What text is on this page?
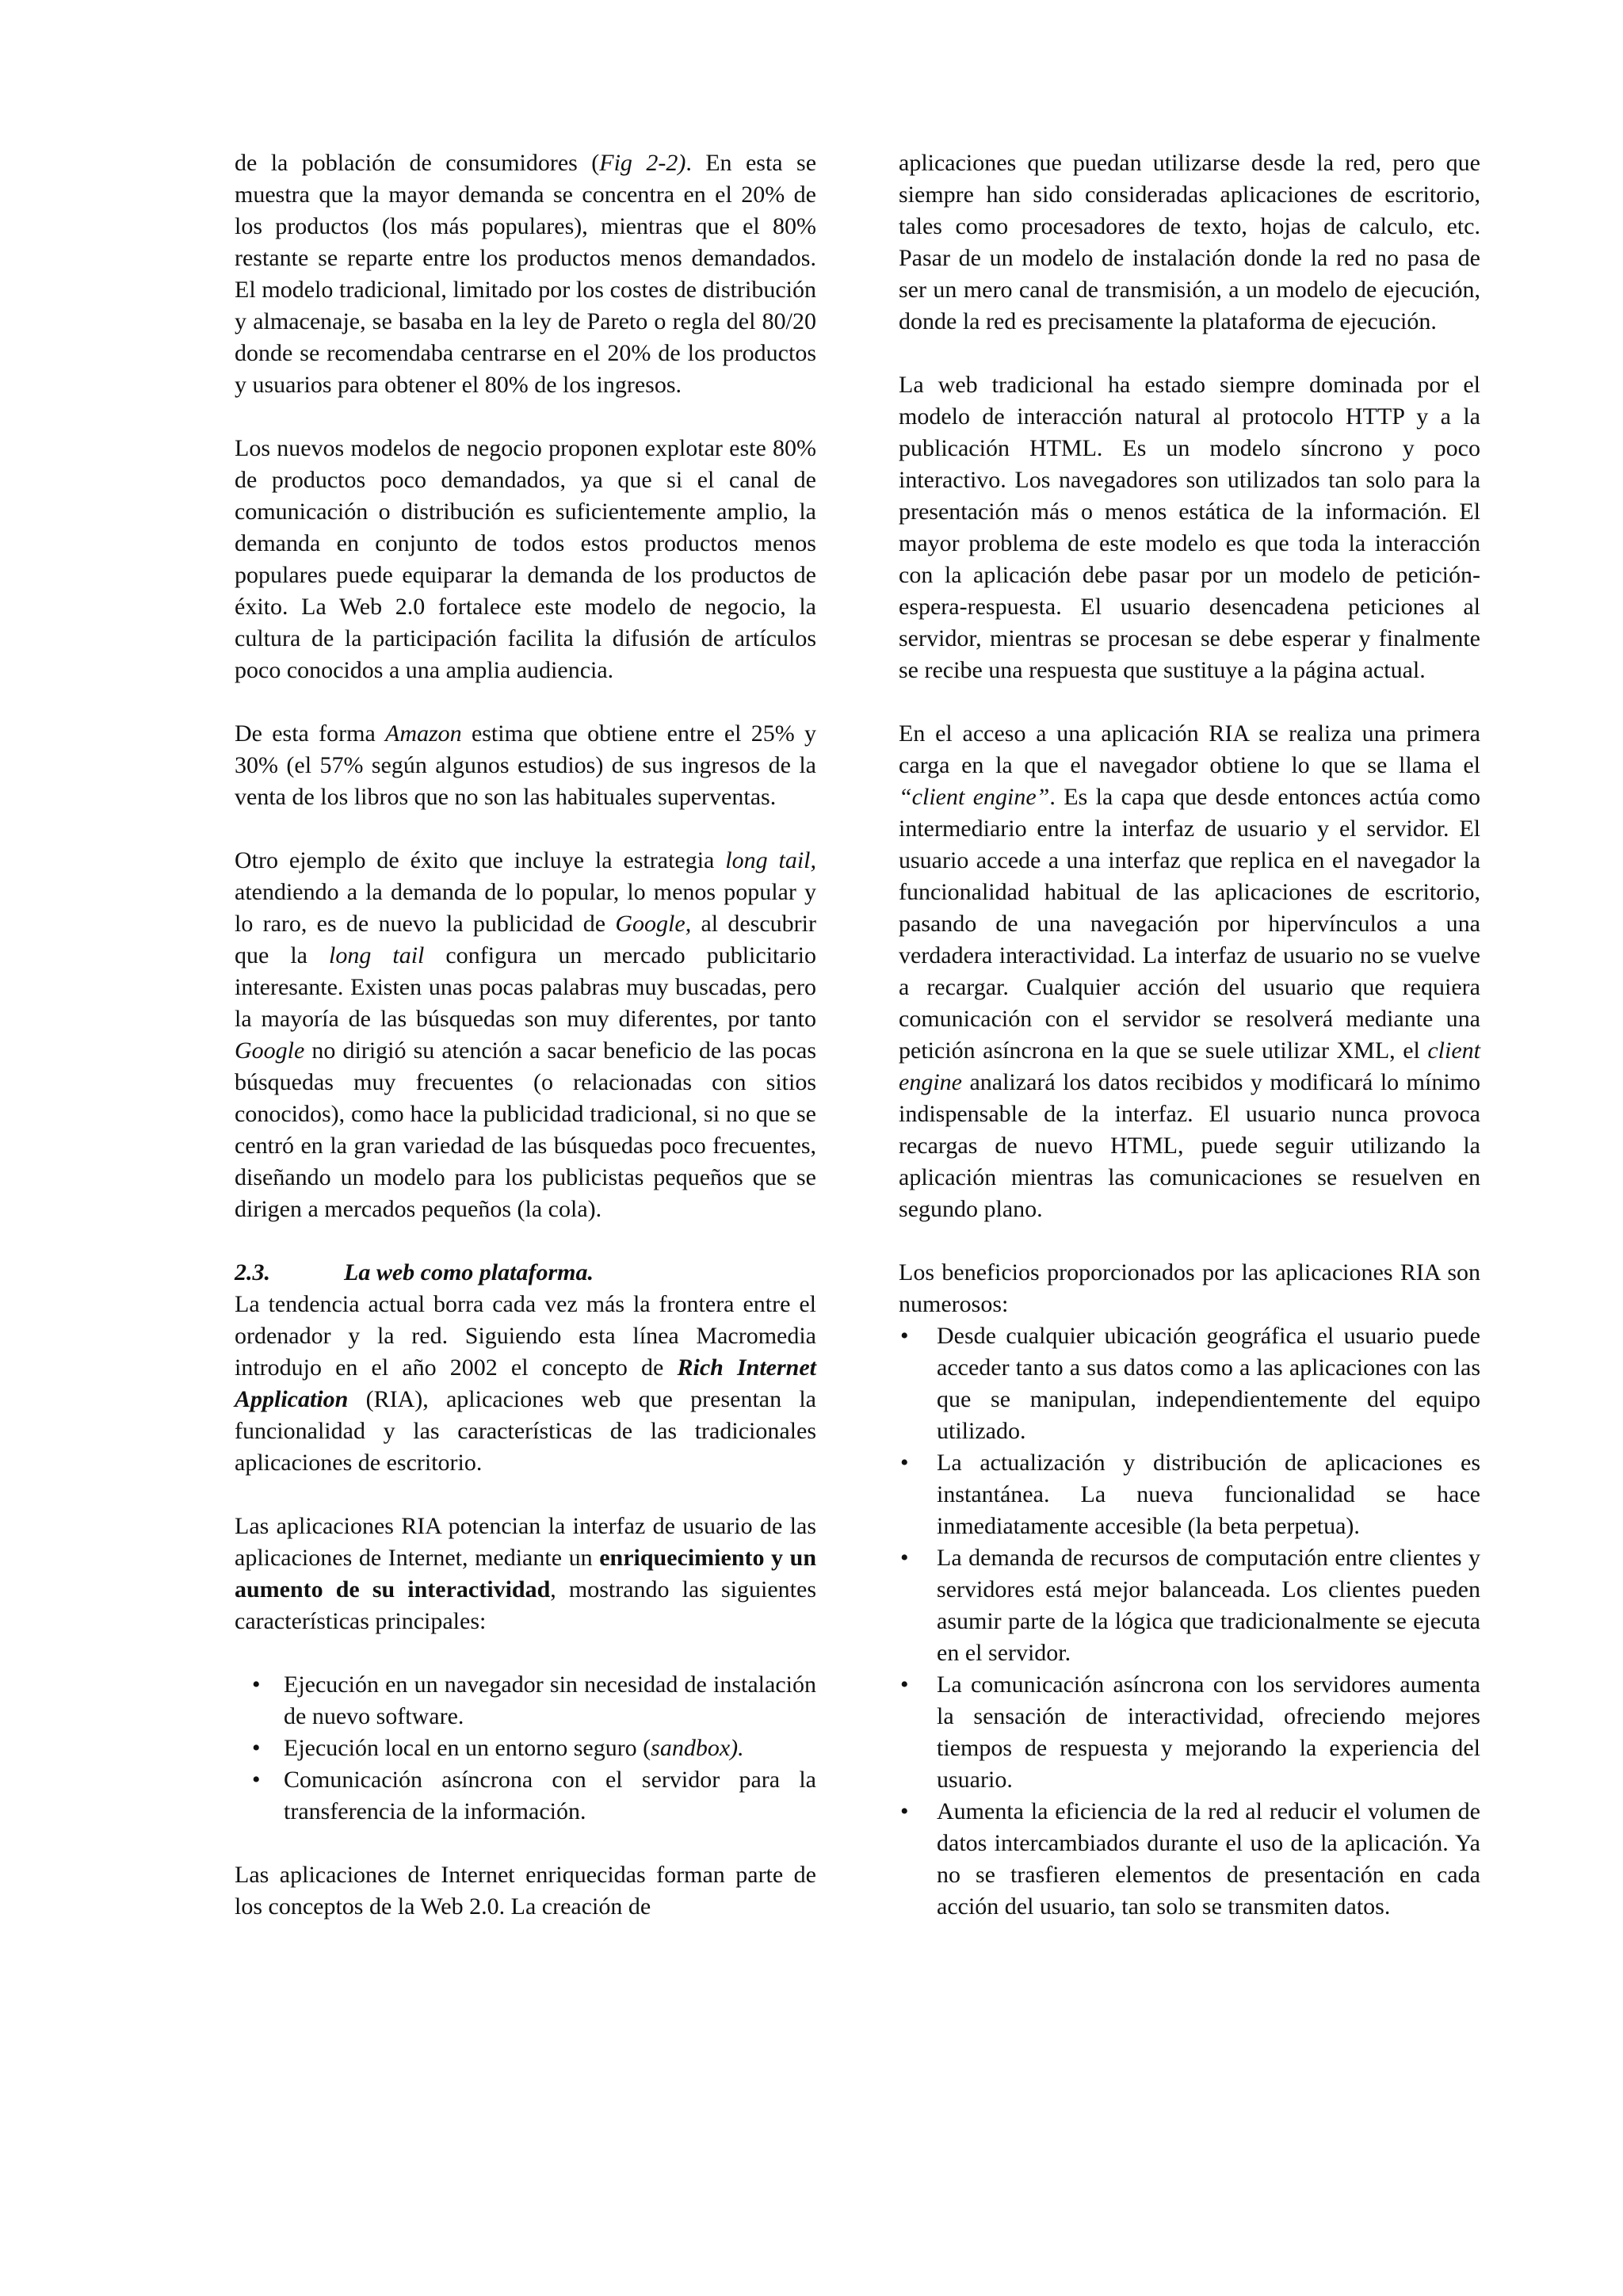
de la población de consumidores (Fig 2-2). En esta se muestra que la mayor demanda se concentra en el 20% de los productos (los más populares), mientras que el 80% restante se reparte entre los productos menos demandados. El modelo tradicional, limitado por los costes de distribución y almacenaje, se basaba en la ley de Pareto o regla del 80/20 donde se recomendaba centrarse en el 20% de los productos y usuarios para obtener el 80% de los ingresos.

Los nuevos modelos de negocio proponen explotar este 80% de productos poco demandados, ya que si el canal de comunicación o distribución es suficientemente amplio, la demanda en conjunto de todos estos productos menos populares puede equiparar la demanda de los productos de éxito. La Web 2.0 fortalece este modelo de negocio, la cultura de la participación facilita la difusión de artículos poco conocidos a una amplia audiencia.

De esta forma Amazon estima que obtiene entre el 25% y 30% (el 57% según algunos estudios) de sus ingresos de la venta de los libros que no son las habituales superventas.

Otro ejemplo de éxito que incluye la estrategia long tail, atendiendo a la demanda de lo popular, lo menos popular y lo raro, es de nuevo la publicidad de Google, al descubrir que la long tail configura un mercado publicitario interesante. Existen unas pocas palabras muy buscadas, pero la mayoría de las búsquedas son muy diferentes, por tanto Google no dirigió su atención a sacar beneficio de las pocas búsquedas muy frecuentes (o relacionadas con sitios conocidos), como hace la publicidad tradicional, si no que se centró en la gran variedad de las búsquedas poco frecuentes, diseñando un modelo para los publicistas pequeños que se dirigen a mercados pequeños (la cola).

2.3.	La web como plataforma.

La tendencia actual borra cada vez más la frontera entre el ordenador y la red. Siguiendo esta línea Macromedia introdujo en el año 2002 el concepto de Rich Internet Application (RIA), aplicaciones web que presentan la funcionalidad y las características de las tradicionales aplicaciones de escritorio.

Las aplicaciones RIA potencian la interfaz de usuario de las aplicaciones de Internet, mediante un enriquecimiento y un aumento de su interactividad, mostrando las siguientes características principales:

• Ejecución en un navegador sin necesidad de instalación de nuevo software.
• Ejecución local en un entorno seguro (sandbox).
• Comunicación asíncrona con el servidor para la transferencia de la información.

Las aplicaciones de Internet enriquecidas forman parte de los conceptos de la Web 2.0. La creación de

aplicaciones que puedan utilizarse desde la red, pero que siempre han sido consideradas aplicaciones de escritorio, tales como procesadores de texto, hojas de calculo, etc. Pasar de un modelo de instalación donde la red no pasa de ser un mero canal de transmisión, a un modelo de ejecución, donde la red es precisamente la plataforma de ejecución.

La web tradicional ha estado siempre dominada por el modelo de interacción natural al protocolo HTTP y a la publicación HTML. Es un modelo síncrono y poco interactivo. Los navegadores son utilizados tan solo para la presentación más o menos estática de la información. El mayor problema de este modelo es que toda la interacción con la aplicación debe pasar por un modelo de petición-espera-respuesta. El usuario desencadena peticiones al servidor, mientras se procesan se debe esperar y finalmente se recibe una respuesta que sustituye a la página actual.

En el acceso a una aplicación RIA se realiza una primera carga en la que el navegador obtiene lo que se llama el “client engine”. Es la capa que desde entonces actúa como intermediario entre la interfaz de usuario y el servidor. El usuario accede a una interfaz que replica en el navegador la funcionalidad habitual de las aplicaciones de escritorio, pasando de una navegación por hipervínculos a una verdadera interactividad. La interfaz de usuario no se vuelve a recargar. Cualquier acción del usuario que requiera comunicación con el servidor se resolverá mediante una petición asíncrona en la que se suele utilizar XML, el client engine analizará los datos recibidos y modificará lo mínimo indispensable de la interfaz. El usuario nunca provoca recargas de nuevo HTML, puede seguir utilizando la aplicación mientras las comunicaciones se resuelven en segundo plano.

Los beneficios proporcionados por las aplicaciones RIA son numerosos:

• Desde cualquier ubicación geográfica el usuario puede acceder tanto a sus datos como a las aplicaciones con las que se manipulan, independientemente del equipo utilizado.
• La actualización y distribución de aplicaciones es instantánea. La nueva funcionalidad se hace inmediatamente accesible (la beta perpetua).
• La demanda de recursos de computación entre clientes y servidores está mejor balanceada. Los clientes pueden asumir parte de la lógica que tradicionalmente se ejecuta en el servidor.
• La comunicación asíncrona con los servidores aumenta la sensación de interactividad, ofreciendo mejores tiempos de respuesta y mejorando la experiencia del usuario.
• Aumenta la eficiencia de la red al reducir el volumen de datos intercambiados durante el uso de la aplicación. Ya no se trasfieren elementos de presentación en cada acción del usuario, tan solo se transmiten datos.
